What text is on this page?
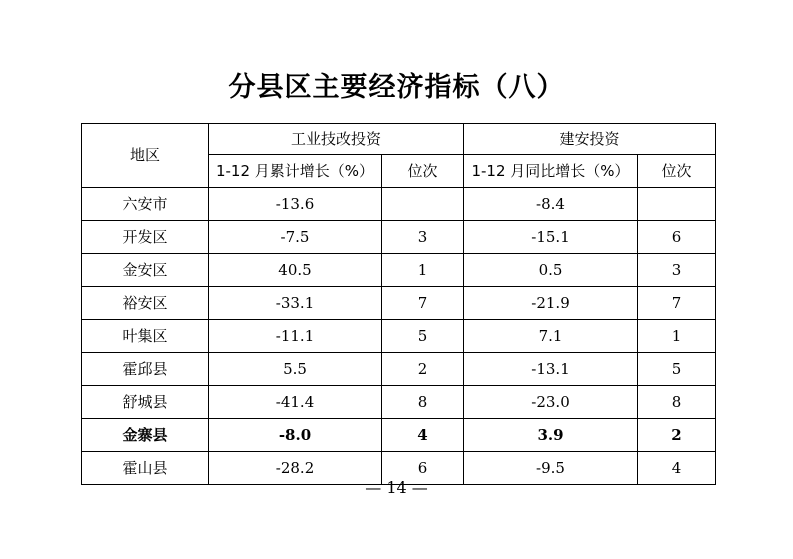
分县区主要经济指标（八）
地区	工业技改投资		建安投资	
	1-12 月累计增长（%）	位次	1-12 月同比增长（%）	位次
六安市	-13.6		-8.4	
开发区	-7.5	3	-15.1	6
金安区	40.5	1	0.5	3
裕安区	-33.1	7	-21.9	7
叶集区	-11.1	5	7.1	1
霍邱县	5.5	2	-13.1	5
舒城县	-41.4	8	-23.0	8
金寨县	-8.0	4	3.9	2
霍山县	-28.2	6	-9.5	4
— 14 —
